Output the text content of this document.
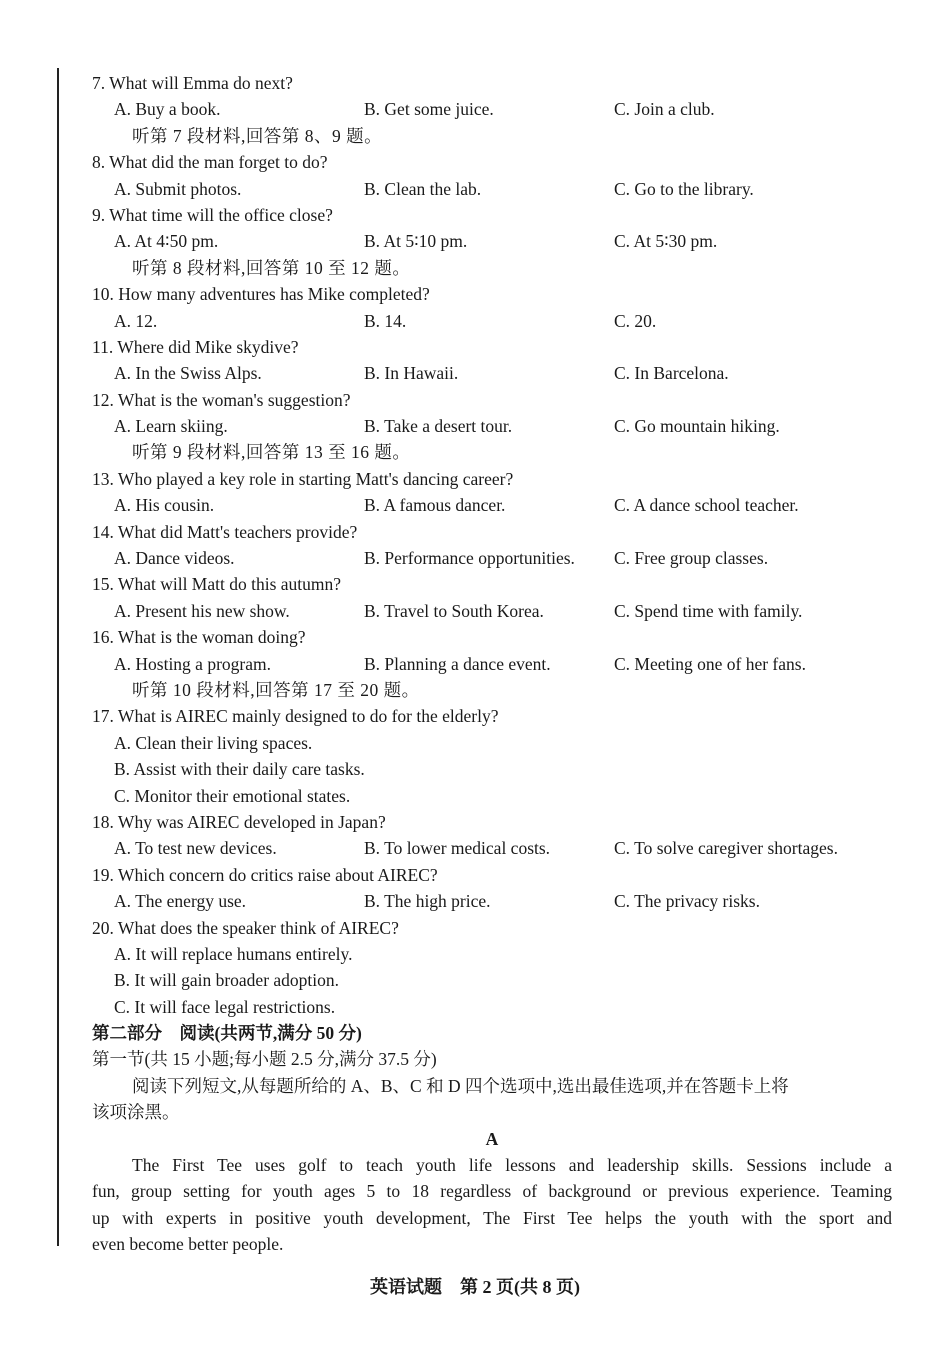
7. What will Emma do next?
A. Buy a book.	B. Get some juice.	C. Join a club.
听第 7 段材料,回答第 8、9 题。
8. What did the man forget to do?
A. Submit photos.	B. Clean the lab.	C. Go to the library.
9. What time will the office close?
A. At 4∶50 pm.	B. At 5∶10 pm.	C. At 5∶30 pm.
听第 8 段材料,回答第 10 至 12 题。
10. How many adventures has Mike completed?
A. 12.	B. 14.	C. 20.
11. Where did Mike skydive?
A. In the Swiss Alps.	B. In Hawaii.	C. In Barcelona.
12. What is the woman's suggestion?
A. Learn skiing.	B. Take a desert tour.	C. Go mountain hiking.
听第 9 段材料,回答第 13 至 16 题。
13. Who played a key role in starting Matt's dancing career?
A. His cousin.	B. A famous dancer.	C. A dance school teacher.
14. What did Matt's teachers provide?
A. Dance videos.	B. Performance opportunities. C. Free group classes.
15. What will Matt do this autumn?
A. Present his new show.	B. Travel to South Korea.	C. Spend time with family.
16. What is the woman doing?
A. Hosting a program.	B. Planning a dance event.	C. Meeting one of her fans.
听第 10 段材料,回答第 17 至 20 题。
17. What is AIREC mainly designed to do for the elderly?
A. Clean their living spaces.
B. Assist with their daily care tasks.
C. Monitor their emotional states.
18. Why was AIREC developed in Japan?
A. To test new devices.	B. To lower medical costs.	C. To solve caregiver shortages.
19. Which concern do critics raise about AIREC?
A. The energy use.	B. The high price.	C. The privacy risks.
20. What does the speaker think of AIREC?
A. It will replace humans entirely.
B. It will gain broader adoption.
C. It will face legal restrictions.
第二部分　阅读(共两节,满分 50 分)
第一节(共 15 小题;每小题 2.5 分,满分 37.5 分)
阅读下列短文,从每题所给的 A、B、C 和 D 四个选项中,选出最佳选项,并在答题卡上将
该项涂黑。
A
The First Tee uses golf to teach youth life lessons and leadership skills. Sessions include a
fun, group setting for youth ages 5 to 18 regardless of background or previous experience. Teaming
up with experts in positive youth development, The First Tee helps the youth with the sport and
even become better people.
英语试题　第 2 页(共 8 页)
